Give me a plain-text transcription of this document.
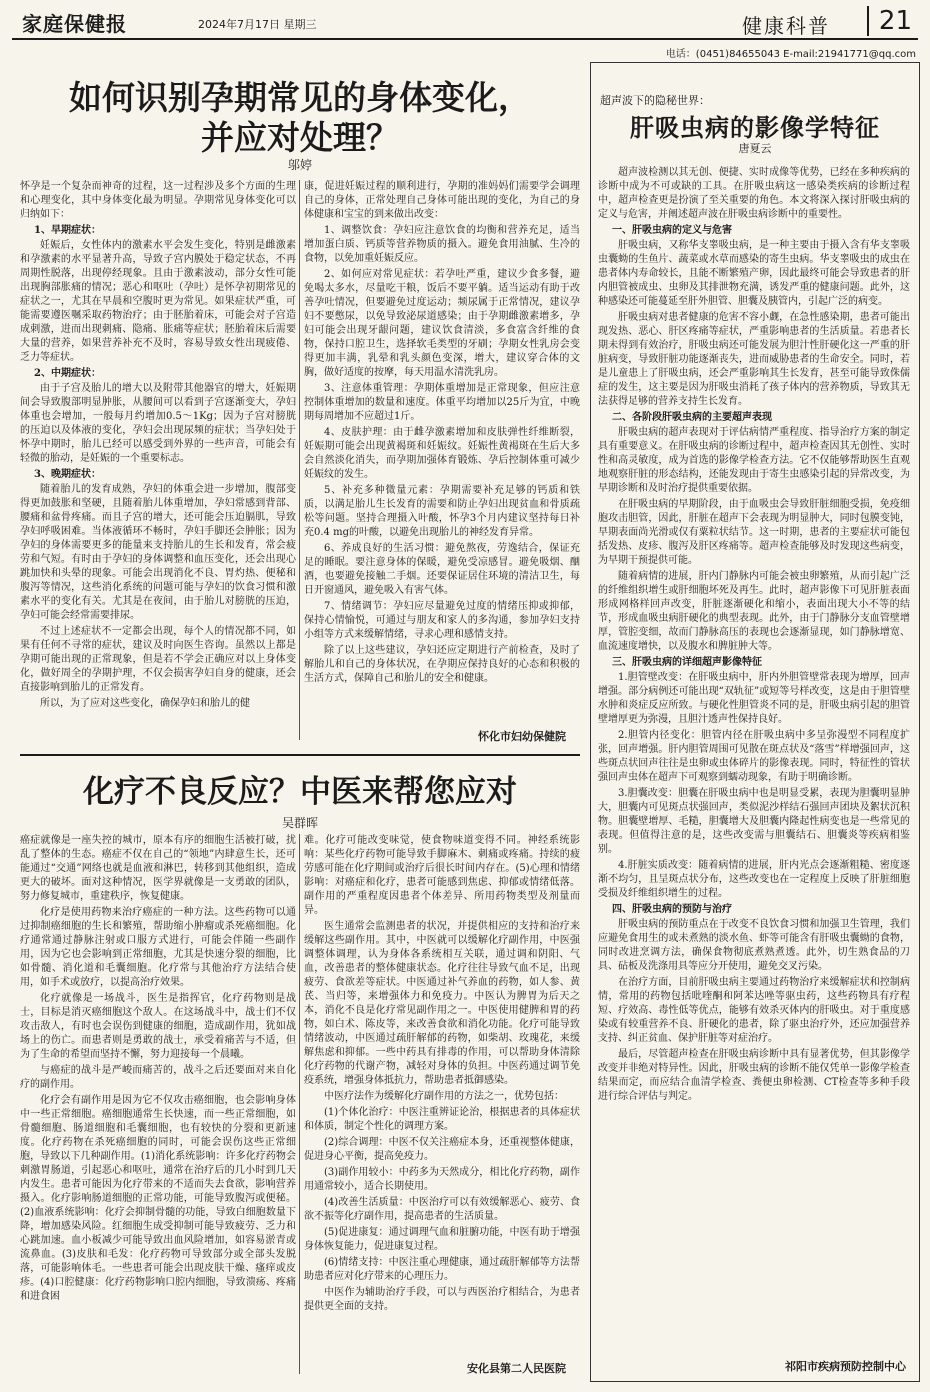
家庭保健报	2024年7月17日 星期三	健康科普	21
电话：(0451)84655043 E-mail:21941771@qq.com
如何识别孕期常见的身体变化，
并应对处理？
邬婷

怀孕是一个复杂而神奇的过程，这一过程涉及多个方面的生理和心理变化，其中身体变化最为明显。孕期常见身体变化可以归纳如下：

1、早期症状：

妊娠后，女性体内的激素水平会发生变化，特别是雌激素和孕激素的水平显著升高，导致子宫内膜处于稳定状态，不再周期性脱落，出现停经现象。且由于激素波动，部分女性可能出现胸部胀痛的情况；恶心和呕吐（孕吐）是怀孕初期常见的症状之一，尤其在早晨和空腹时更为常见。如果症状严重，可能需要遵医嘱采取药物治疗；由于胚胎着床，可能会对子宫造成刺激，进而出现刺痛、隐痛、胀痛等症状；胚胎着床后需要大量的营养，如果营养补充不及时，容易导致女性出现疲倦、乏力等症状。

2、中期症状：

由于子宫及胎儿的增大以及附带其他器官的增大，妊娠期间会导致腹部明显肿胀，从腰间可以看到子宫逐渐变大，孕妇体重也会增加，一般每月约增加0.5～1Kg；因为子宫对膀胱的压迫以及体液的变化，孕妇会出现尿频的症状；当孕妇处于怀孕中期时，胎儿已经可以感受到外界的一些声音，可能会有轻微的胎动，是妊娠的一个重要标志。

3、晚期症状：

随着胎儿的发育成熟，孕妇的体重会进一步增加，腹部变得更加鼓胀和坚硬，且随着胎儿体重增加，孕妇常感到背部、腰痛和盆骨疼痛。而且子宫的增大，还可能会压迫膈肌，导致孕妇呼吸困难。当体液循环不畅时，孕妇手脚还会肿胀；因为孕妇的身体需要更多的能量来支持胎儿的生长和发育，常会疲劳和气短。有时由于孕妇的身体调整和血压变化，还会出现心跳加快和头晕的现象。可能会出现消化不良、胃灼热、便秘和腹泻等情况，这些消化系统的问题可能与孕妇的饮食习惯和激素水平的变化有关。尤其是在夜间，由于胎儿对膀胱的压迫，孕妇可能会经常需要排尿。

不过上述症状不一定都会出现，每个人的情况都不同，如果有任何不寻常的症状，建议及时向医生咨询。虽然以上都是孕期可能出现的正常现象，但是若不学会正确应对以上身体变化，做好周全的孕期护理，不仅会损害孕妇自身的健康，还会直接影响到胎儿的正常发育。

所以，为了应对这些变化，确保孕妇和胎儿的健

康，促进妊娠过程的顺利进行，孕期的准妈妈们需要学会调理自己的身体，正常处理自己身体可能出现的变化，为自己的身体健康和宝宝的到来做出改变：

1、调整饮食：孕妇应注意饮食的均衡和营养充足，适当增加蛋白质、钙质等营养物质的摄入。避免食用油腻、生冷的食物，以免加重妊娠反应。

2、如何应对常见症状：若孕吐严重，建议少食多餐，避免喝太多水，尽量吃干粮，饭后不要平躺。适当运动有助于改善孕吐情况，但要避免过度运动；频尿属于正常情况，建议孕妇不要憋尿，以免导致泌尿道感染；由于孕期雌激素增多，孕妇可能会出现牙龈问题，建议饮食清淡，多食富含纤维的食物，保持口腔卫生，选择软毛类型的牙刷；孕期女性乳房会变得更加丰满，乳晕和乳头颜色变深，增大，建议穿合体的文胸，做好适度的按摩，每天用温水清洗乳房。

3、注意体重管理：孕期体重增加是正常现象，但应注意控制体重增加的数量和速度。体重平均增加以25斤为宜，中晚期每周增加不应超过1斤。

4、皮肤护理：由于雌孕激素增加和皮肤弹性纤维断裂，妊娠期可能会出现黄褐斑和妊娠纹。妊娠性黄褐斑在生后大多会自然淡化消失，而孕期加强体育锻炼、孕后控制体重可减少妊娠纹的发生。

5、补充多种微量元素：孕期需要补充足够的钙质和铁质，以满足胎儿生长发育的需要和防止孕妇出现贫血和骨质疏松等问题。坚持合理摄入叶酸，怀孕3个月内建议坚持每日补充0.4 mg的叶酸，以避免出现胎儿的神经发育异常。

6、养成良好的生活习惯：避免熬夜，劳逸结合，保证充足的睡眠。要注意身体的保暖，避免受凉感冒。避免吸烟、酗酒，也要避免接触二手烟。还要保证居住环境的清洁卫生，每日开窗通风，避免吸入有害气体。

7、情绪调节：孕妇应尽量避免过度的情绪压抑或抑郁，保持心情愉悦，可通过与朋友和家人的多沟通，参加孕妇支持小组等方式来缓解情绪，寻求心理和感情支持。

除了以上这些建议，孕妇还应定期进行产前检查，及时了解胎儿和自己的身体状况，在孕期应保持良好的心态和积极的生活方式，保障自己和胎儿的安全和健康。

怀化市妇幼保健院
化疗不良反应？中医来帮您应对
吴群晖

癌症就像是一座失控的城市，原本有序的细胞生活被打破，扰乱了整体的生态。癌症不仅在自己的“领地”内肆意生长，还可能通过“交通”网络也就是血液和淋巴，转移到其他组织，造成更大的破坏。面对这种情况，医学界就像是一支勇敢的团队，努力修复城市，重建秩序，恢复健康。

化疗是使用药物来治疗癌症的一种方法。这些药物可以通过抑制癌细胞的生长和繁殖，帮助缩小肿瘤或杀死癌细胞。化疗通常通过静脉注射或口服方式进行，可能会伴随一些副作用，因为它也会影响到正常细胞，尤其是快速分裂的细胞，比如骨髓、消化道和毛囊细胞。化疗常与其他治疗方法结合使用，如手术或放疗，以提高治疗效果。

化疗就像是一场战斗，医生是指挥官，化疗药物则是战士，目标是消灭癌细胞这个敌人。在这场战斗中，战士们不仅攻击敌人，有时也会误伤到健康的细胞，造成副作用，犹如战场上的伤亡。而患者则是勇敢的战士，承受着痛苦与不适，但为了生命的希望而坚持不懈，努力迎接每一个晨曦。

与癌症的战斗是严峻而痛苦的，战斗之后还要面对来自化疗的副作用。

化疗会有副作用是因为它不仅攻击癌细胞，也会影响身体中一些正常细胞。癌细胞通常生长快速，而一些正常细胞，如骨髓细胞、肠道细胞和毛囊细胞，也有较快的分裂和更新速度。化疗药物在杀死癌细胞的同时，可能会误伤这些正常细胞，导致以下几种副作用。(1)消化系统影响：许多化疗药物会刺激胃肠道，引起恶心和呕吐，通常在治疗后的几小时到几天内发生。患者可能因为化疗带来的不适而失去食欲，影响营养摄入。化疗影响肠道细胞的正常功能，可能导致腹泻或便秘。(2)血液系统影响：化疗会抑制骨髓的功能，导致白细胞数量下降，增加感染风险。红细胞生成受抑制可能导致疲劳、乏力和心跳加速。血小板减少可能导致出血风险增加，如容易淤青或流鼻血。(3)皮肤和毛发：化疗药物可导致部分或全部头发脱落，可能影响体毛。一些患者可能会出现皮肤干燥、瘙痒或皮疹。(4)口腔健康：化疗药物影响口腔内细胞，导致溃疡、疼痛和进食困

难。化疗可能改变味觉，使食物味道变得不同。神经系统影响：某些化疗药物可能导致手脚麻木、刺痛或疼痛。持续的疲劳感可能在化疗期间或治疗后很长时间内存在。(5)心理和情绪影响：对癌症和化疗，患者可能感到焦虑、抑郁或情绪低落。副作用的严重程度因患者个体差异、所用药物类型及剂量而异。

医生通常会监测患者的状况，并提供相应的支持和治疗来缓解这些副作用。其中，中医就可以缓解化疗副作用，中医强调整体调理，认为身体各系统相互关联，通过调和阴阳、气血，改善患者的整体健康状态。化疗往往导致气血不足，出现疲劳、食欲差等症状。中医通过补气养血的药物，如人参、黄芪、当归等，来增强体力和免疫力。中医认为脾胃为后天之本，消化不良是化疗常见副作用之一。中医使用健脾和胃的药物，如白术、陈皮等，来改善食欲和消化功能。化疗可能导致情绪波动，中医通过疏肝解郁的药物，如柴胡、玫瑰花，来缓解焦虑和抑郁。一些中药具有排毒的作用，可以帮助身体清除化疗药物的代谢产物，减轻对身体的负担。中医药通过调节免疫系统，增强身体抵抗力，帮助患者抵御感染。

中医疗法作为缓解化疗副作用的方法之一，优势包括：

(1)个体化治疗：中医注重辨证论治，根据患者的具体症状和体质，制定个性化的调理方案。

(2)综合调理：中医不仅关注癌症本身，还重视整体健康，促进身心平衡，提高免疫力。

(3)副作用较小：中药多为天然成分，相比化疗药物，副作用通常较小，适合长期使用。

(4)改善生活质量：中医治疗可以有效缓解恶心、疲劳、食欲不振等化疗副作用，提高患者的生活质量。

(5)促进康复：通过调理气血和脏腑功能，中医有助于增强身体恢复能力，促进康复过程。

(6)情绪支持：中医注重心理健康，通过疏肝解郁等方法帮助患者应对化疗带来的心理压力。

中医作为辅助治疗手段，可以与西医治疗相结合，为患者提供更全面的支持。

安化县第二人民医院
超声波下的隐秘世界：
肝吸虫病的影像学特征
唐夏云

超声波检测以其无创、便捷、实时成像等优势，已经在多种疾病的诊断中成为不可或缺的工具。在肝吸虫病这一感染类疾病的诊断过程中，超声检查更是扮演了至关重要的角色。本文将深入探讨肝吸虫病的定义与危害，并阐述超声波在肝吸虫病诊断中的重要性。

一、肝吸虫病的定义与危害

肝吸虫病，又称华支睾吸虫病，是一种主要由于摄入含有华支睾吸虫囊蚴的生鱼片、蔬菜或水草而感染的寄生虫病。华支睾吸虫的成虫在患者体内寿命较长，且能不断繁殖产卵，因此最终可能会导致患者的肝内胆管被成虫、虫卵及其排泄物充满，诱发严重的健康问题。此外，这种感染还可能蔓延至肝外胆管、胆囊及胰管内，引起广泛的病变。

肝吸虫病对患者健康的危害不容小觑，在急性感染期，患者可能出现发热、恶心、肝区疼痛等症状，严重影响患者的生活质量。若患者长期未得到有效治疗，肝吸虫病还可能发展为胆汁性肝硬化这一严重的肝脏病变，导致肝脏功能逐渐丧失，进而威胁患者的生命安全。同时，若是儿童患上了肝吸虫病，还会严重影响其生长发育，甚至可能导致侏儒症的发生，这主要是因为肝吸虫消耗了孩子体内的营养物质，导致其无法获得足够的营养支持生长发育。

二、各阶段肝吸虫病的主要超声表现

肝吸虫病的超声表现对于评估病情严重程度、指导治疗方案的制定具有重要意义。在肝吸虫病的诊断过程中，超声检查因其无创性、实时性和高灵敏度，成为首选的影像学检查方法。它不仅能够帮助医生直观地观察肝脏的形态结构，还能发现由于寄生虫感染引起的异常改变，为早期诊断和及时治疗提供重要依据。

在肝吸虫病的早期阶段，由于血吸虫会导致肝脏细胞受损，免疫细胞攻击胆管，因此，肝脏在超声下会表现为明显肿大，同时包膜变钝，早期表面尚光滑或仅有粟粒状结节。这一时期，患者的主要症状可能包括发热、皮疹、腹泻及肝区疼痛等。超声检查能够及时发现这些病变，为早期干预提供可能。

随着病情的进展，肝内门静脉内可能会被虫卵繁殖，从而引起广泛的纤维组织增生或肝细胞坏死及再生。此时，超声影像下可见肝脏表面形成网格样回声改变，肝脏逐渐硬化和缩小，表面出现大小不等的结节，形成血吸虫病肝硬化的典型表现。此外，由于门静脉分支血管壁增厚，管腔变细，故而门静脉高压的表现也会逐渐显现，如门静脉增宽、血流速度增快，以及腹水和脾脏肿大等。

三、肝吸虫病的详细超声影像特征

1.胆管壁改变：在肝吸虫病中，肝内外胆管壁常表现为增厚，回声增强。部分病例还可能出现“双轨征”或短等号样改变，这是由于胆管壁水肿和炎症反应所致。与硬化性胆管炎不同的是，肝吸虫病引起的胆管壁增厚更为弥漫，且胆汁透声性保持良好。

2.胆管内径变化：胆管内径在肝吸虫病中多呈弥漫型不同程度扩张，回声增强。肝内胆管周围可见散在斑点状及“落雪”样增强回声，这些斑点状回声往往是虫卵或虫体碎片的影像表现。同时，特征性的管状强回声虫体在超声下可观察到蠕动现象，有助于明确诊断。

3.胆囊改变：胆囊在肝吸虫病中也是明显受累，表现为胆囊明显肿大，胆囊内可见斑点状强回声，类似泥沙样结石强回声团块及絮状沉积物。胆囊壁增厚、毛糙，胆囊增大及胆囊内隆起性病变也是一些常见的表现。但值得注意的是，这些改变需与胆囊结石、胆囊炎等疾病相鉴别。

4.肝脏实质改变：随着病情的进展，肝内光点会逐渐粗糙、密度逐渐不均匀，且呈斑点状分布，这些改变也在一定程度上反映了肝脏细胞受损及纤维组织增生的过程。

四、肝吸虫病的预防与治疗

肝吸虫病的预防重点在于改变不良饮食习惯和加强卫生管理，我们应避免食用生的或未煮熟的淡水鱼、虾等可能含有肝吸虫囊蚴的食物，同时改进烹调方法，确保食物彻底煮熟煮透。此外，切生熟食品的刀具、砧板及洗涤用具等应分开使用，避免交叉污染。

在治疗方面，目前肝吸虫病主要通过药物治疗来缓解症状和控制病情，常用的药物包括吡喹酮和阿苯达唑等驱虫药，这些药物具有疗程短、疗效高、毒性低等优点，能够有效杀灭体内的肝吸虫。对于重度感染或有较重营养不良、肝硬化的患者，除了驱虫治疗外，还应加强营养支持、纠正贫血、保护肝脏等对症治疗。

最后，尽管超声检查在肝吸虫病诊断中具有显著优势，但其影像学改变并非绝对特异性。因此，肝吸虫病的诊断不能仅凭单一影像学检查结果而定，而应结合血清学检查、粪便虫卵检测、CT检查等多种手段进行综合评估与判定。

祁阳市疾病预防控制中心
